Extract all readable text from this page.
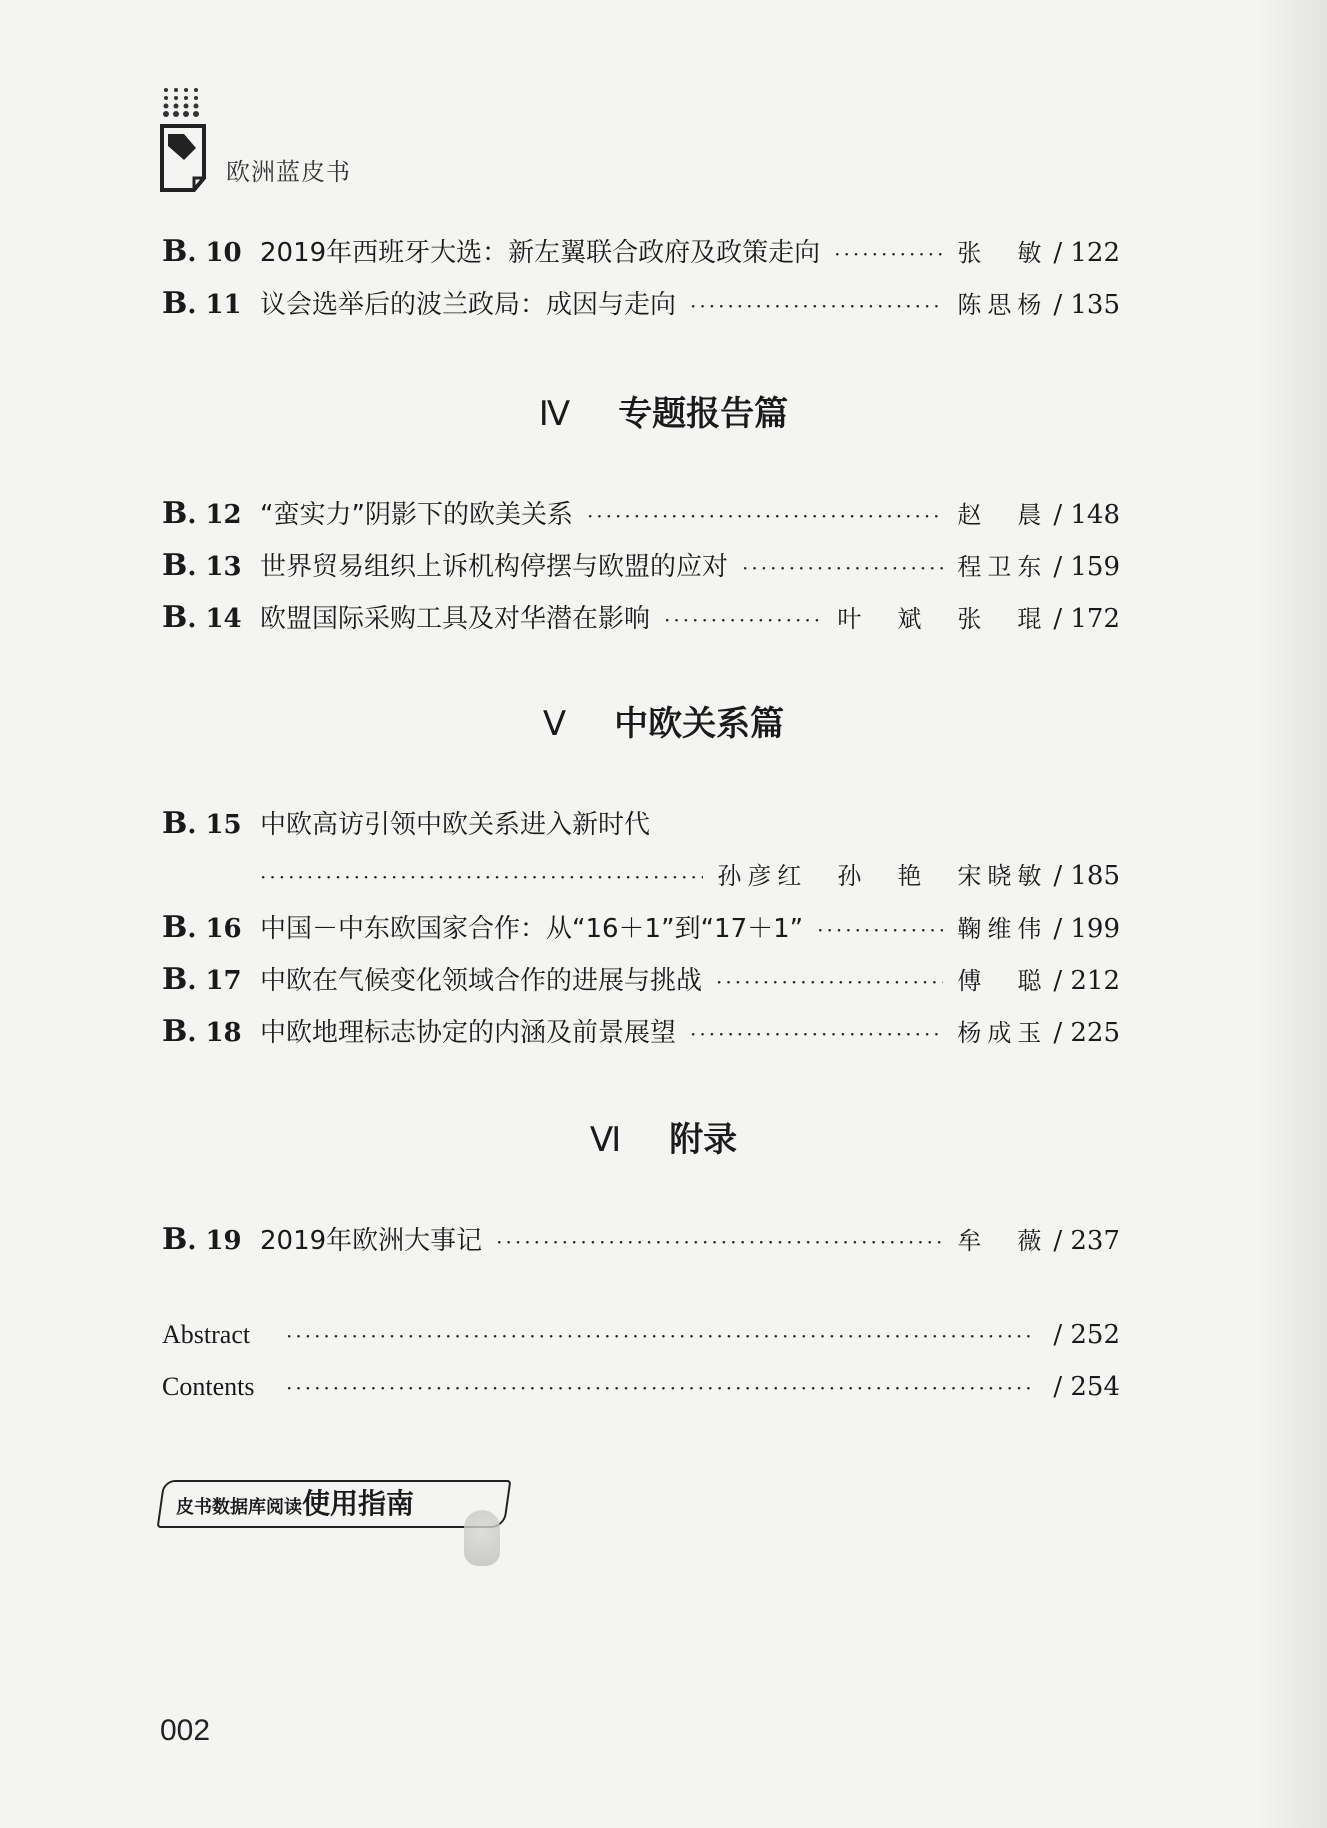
欧洲蓝皮书
B. 10 2019年西班牙大选：新左翼联合政府及政策走向 ·····	张　敏 / 122
B. 11 议会选举后的波兰政局：成因与走向 ·····	陈思杨 / 135
Ⅳ 专题报告篇
B. 12 “蛮实力”阴影下的欧美关系 ·····	赵　晨 / 148
B. 13 世界贸易组织上诉机构停摆与欧盟的应对 ·····	程卫东 / 159
B. 14 欧盟国际采购工具及对华潜在影响 ·····	叶　斌　张　琨 / 172
Ⅴ 中欧关系篇
B. 15 中欧高访引领中欧关系进入新时代
·····
孙彦红　孙　艳　宋晓敏 / 185
B. 16 中国－中东欧国家合作：从“16＋1”到“17＋1” ·····	鞠维伟 / 199
B. 17 中欧在气候变化领域合作的进展与挑战 ·····	傅　聪 / 212
B. 18 中欧地理标志协定的内涵及前景展望 ·····	杨成玉 / 225
Ⅵ 附录
B. 19 2019年欧洲大事记 ·····	牟　薇 / 237
Abstract ·····	/ 252
Contents ·····	/ 254
皮书数据库阅读使用指南
002
